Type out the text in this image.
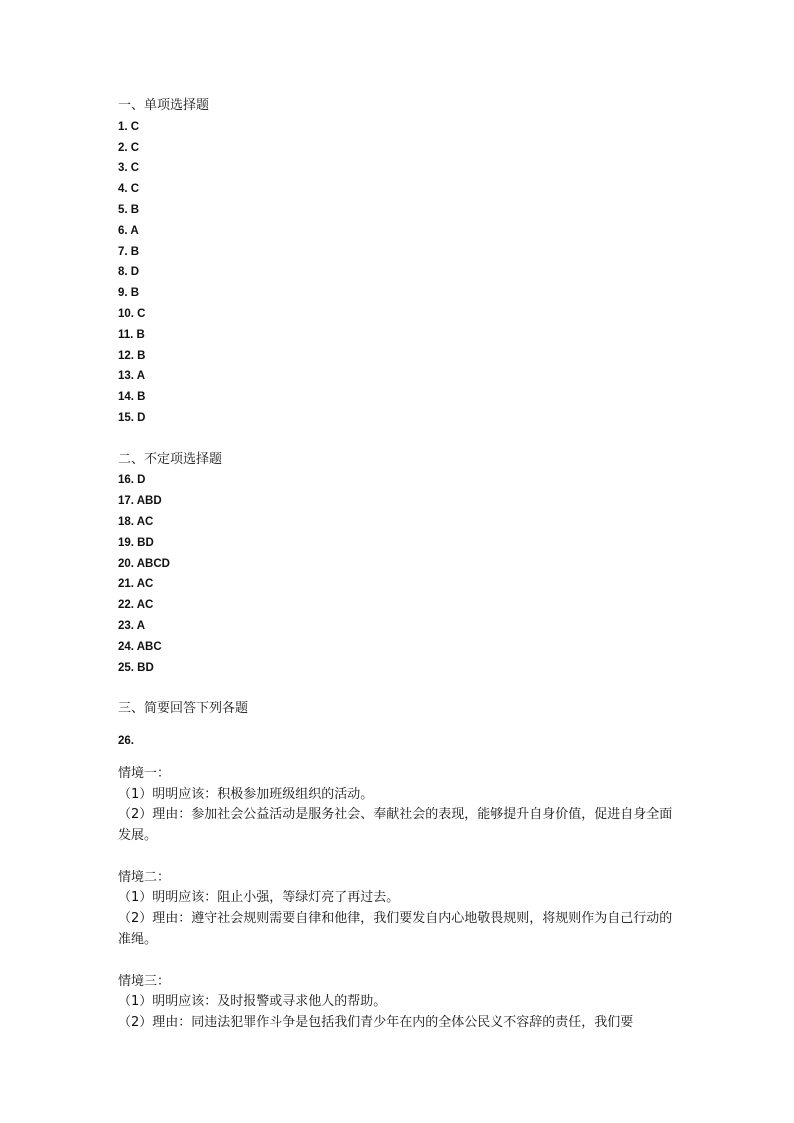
一、单项选择题

1. C

2. C

3. C

4. C

5. B

6. A

7. B

8. D

9. B

10. C

11. B

12. B

13. A

14. B

15. D

二、不定项选择题

16. D

17. ABD

18. AC

19. BD

20. ABCD

21. AC

22. AC

23. A

24. ABC

25. BD

三、简要回答下列各题

26.

情境一：

（1）明明应该：积极参加班级组织的活动。

（2）理由：参加社会公益活动是服务社会、奉献社会的表现，能够提升自身价值，促进自身全面发展。

情境二：

（1）明明应该：阻止小强，等绿灯亮了再过去。

（2）理由：遵守社会规则需要自律和他律，我们要发自内心地敬畏规则，将规则作为自己行动的准绳。

情境三：

（1）明明应该：及时报警或寻求他人的帮助。

（2）理由：同违法犯罪作斗争是包括我们青少年在内的全体公民义不容辞的责任，我们要
